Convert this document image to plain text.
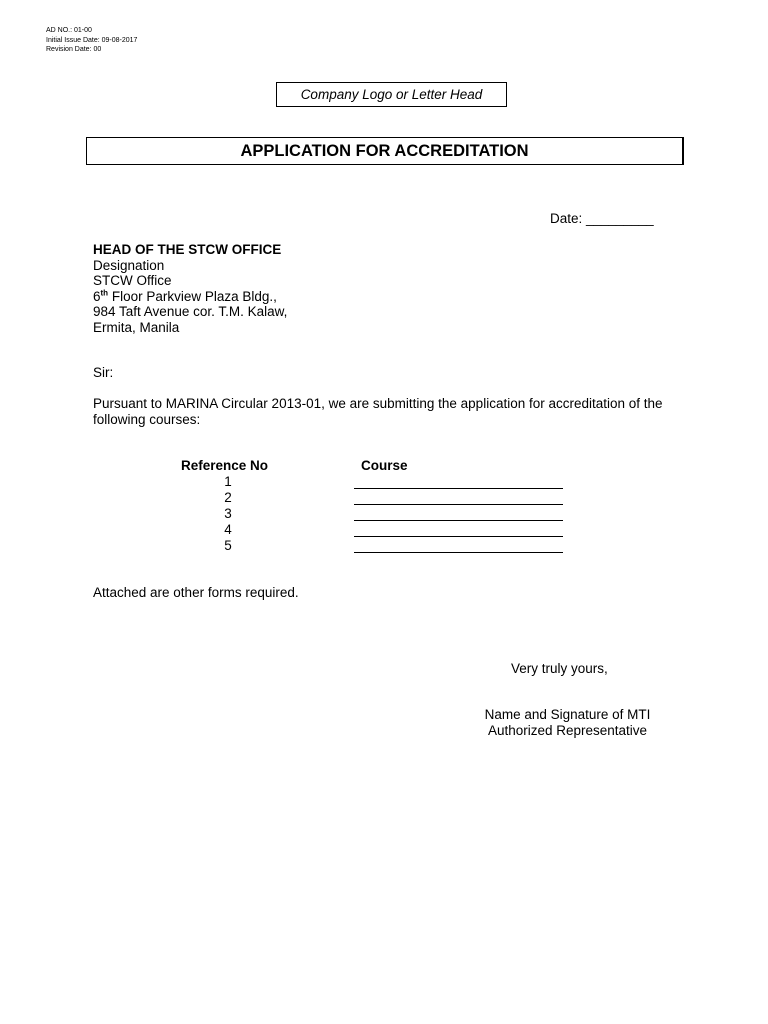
AD NO.: 01-00
Initial Issue Date: 09-08-2017
Revision Date: 00
Company Logo or Letter Head
APPLICATION FOR ACCREDITATION
Date: _________
HEAD OF THE STCW OFFICE
Designation
STCW Office
6th Floor Parkview Plaza Bldg.,
984 Taft Avenue cor. T.M. Kalaw,
Ermita, Manila
Sir:
Pursuant to MARINA Circular 2013-01, we are submitting the application for accreditation of the following courses:
Reference No	Course
1
2
3
4
5
Attached are other forms required.
Very truly yours,
Name and Signature of MTI
Authorized Representative
